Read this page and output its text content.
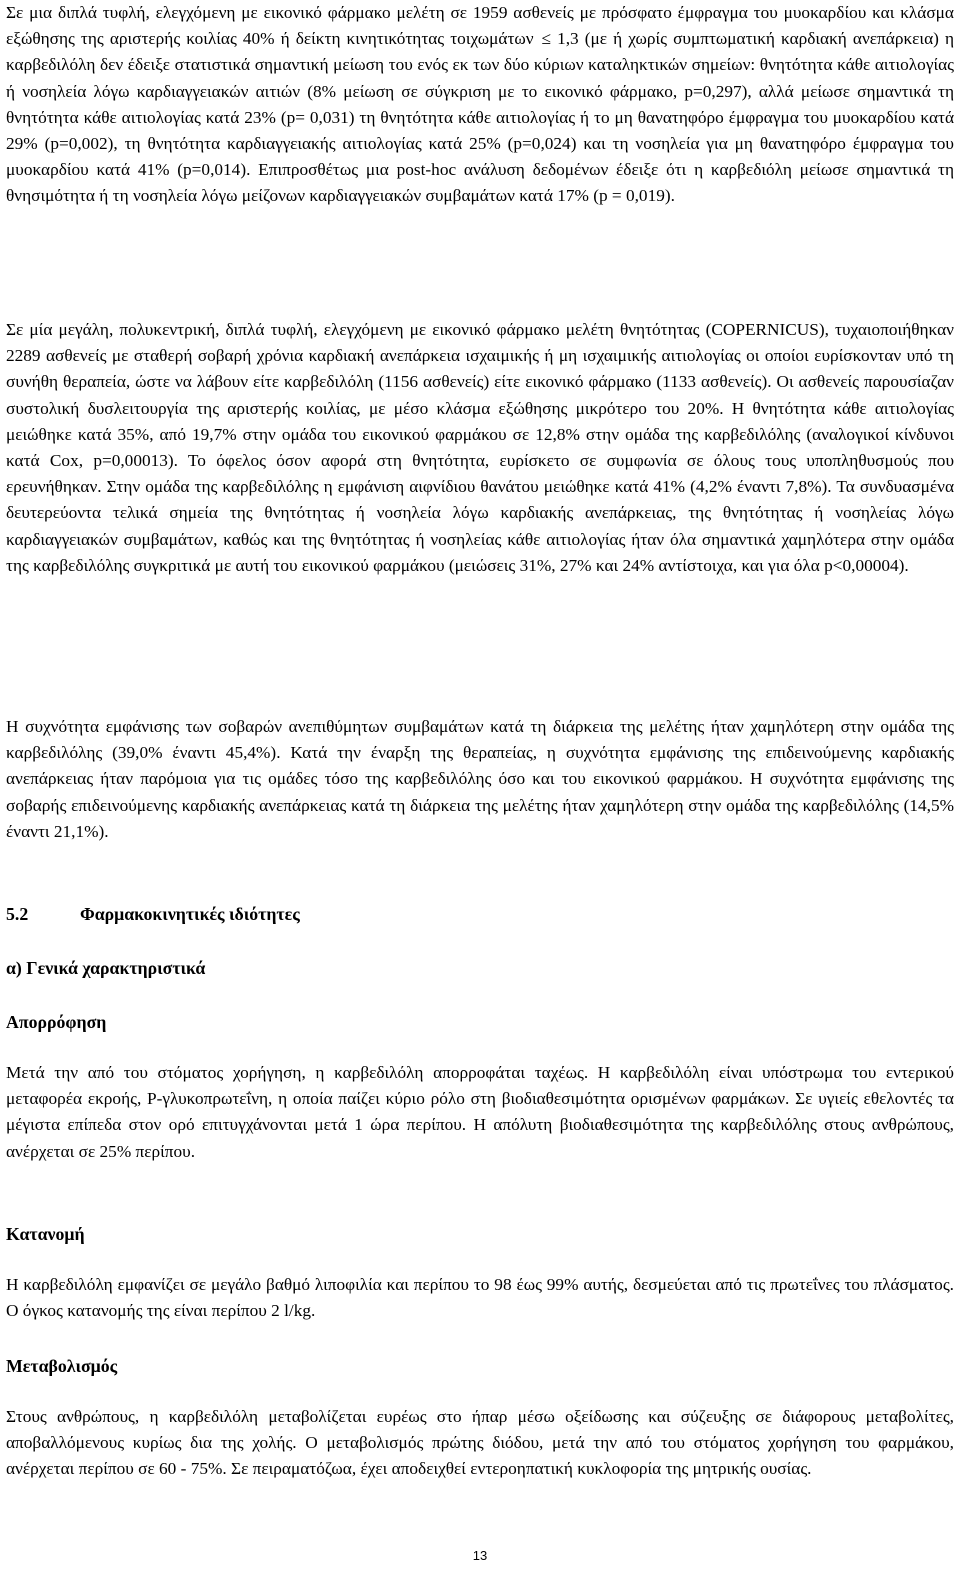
Σε μια διπλά τυφλή, ελεγχόμενη με εικονικό φάρμακο μελέτη σε 1959 ασθενείς με πρόσφατο έμφραγμα του μυοκαρδίου και κλάσμα εξώθησης της αριστερής κοιλίας 40% ή δείκτη κινητικότητας τοιχωμάτων ≤ 1,3 (με ή χωρίς συμπτωματική καρδιακή ανεπάρκεια) η καρβεδιλόλη δεν έδειξε στατιστικά σημαντική μείωση του ενός εκ των δύο κύριων καταληκτικών σημείων: θνητότητα κάθε αιτιολογίας ή νοσηλεία λόγω καρδιαγγειακών αιτιών (8% μείωση σε σύγκριση με το εικονικό φάρμακο, p=0,297), αλλά μείωσε σημαντικά τη θνητότητα κάθε αιτιολογίας κατά 23% (p= 0,031) τη θνητότητα κάθε αιτιολογίας ή το μη θανατηφόρο έμφραγμα του μυοκαρδίου κατά 29% (p=0,002), τη θνητότητα καρδιαγγειακής αιτιολογίας κατά 25% (p=0,024) και τη νοσηλεία για μη θανατηφόρο έμφραγμα του μυοκαρδίου κατά 41% (p=0,014). Επιπροσθέτως μια post-hoc ανάλυση δεδομένων έδειξε ότι η καρβεδιόλη μείωσε σημαντικά τη θνησιμότητα ή τη νοσηλεία λόγω μείζονων καρδιαγγειακών συμβαμάτων κατά 17% (p = 0,019).

Σε μία μεγάλη, πολυκεντρική, διπλά τυφλή, ελεγχόμενη με εικονικό φάρμακο μελέτη θνητότητας (COPERNICUS), τυχαιοποιήθηκαν 2289 ασθενείς με σταθερή σοβαρή χρόνια καρδιακή ανεπάρκεια ισχαιμικής ή μη ισχαιμικής αιτιολογίας οι οποίοι ευρίσκονταν υπό τη συνήθη θεραπεία, ώστε να λάβουν είτε καρβεδιλόλη (1156 ασθενείς) είτε εικονικό φάρμακο (1133 ασθενείς). Οι ασθενείς παρουσίαζαν συστολική δυσλειτουργία της αριστερής κοιλίας, με μέσο κλάσμα εξώθησης μικρότερο του 20%. Η θνητότητα κάθε αιτιολογίας μειώθηκε κατά 35%, από 19,7% στην ομάδα του εικονικού φαρμάκου σε 12,8% στην ομάδα της καρβεδιλόλης (αναλογικοί κίνδυνοι κατά Cox, p=0,00013). Το όφελος όσον αφορά στη θνητότητα, ευρίσκετο σε συμφωνία σε όλους τους υποπληθυσμούς που ερευνήθηκαν. Στην ομάδα της καρβεδιλόλης η εμφάνιση αιφνίδιου θανάτου μειώθηκε κατά 41% (4,2% έναντι 7,8%). Τα συνδυασμένα δευτερεύοντα τελικά σημεία της θνητότητας ή νοσηλεία λόγω καρδιακής ανεπάρκειας, της θνητότητας ή νοσηλείας λόγω καρδιαγγειακών συμβαμάτων, καθώς και της θνητότητας ή νοσηλείας κάθε αιτιολογίας ήταν όλα σημαντικά χαμηλότερα στην ομάδα της καρβεδιλόλης συγκριτικά με αυτή του εικονικού φαρμάκου (μειώσεις 31%, 27% και 24% αντίστοιχα, και για όλα p<0,00004).

Η συχνότητα εμφάνισης των σοβαρών ανεπιθύμητων συμβαμάτων κατά τη διάρκεια της μελέτης ήταν χαμηλότερη στην ομάδα της καρβεδιλόλης (39,0% έναντι 45,4%). Κατά την έναρξη της θεραπείας, η συχνότητα εμφάνισης της επιδεινούμενης καρδιακής ανεπάρκειας ήταν παρόμοια για τις ομάδες τόσο της καρβεδιλόλης όσο και του εικονικού φαρμάκου. Η συχνότητα εμφάνισης της σοβαρής επιδεινούμενης καρδιακής ανεπάρκειας κατά τη διάρκεια της μελέτης ήταν χαμηλότερη στην ομάδα της καρβεδιλόλης (14,5% έναντι 21,1%).

5.2	Φαρμακοκινητικές ιδιότητες
α) Γενικά χαρακτηριστικά
Απορρόφηση

Μετά την από του στόματος χορήγηση, η καρβεδιλόλη απορροφάται ταχέως. Η καρβεδιλόλη είναι υπόστρωμα του εντερικού μεταφορέα εκροής, P-γλυκοπρωτεΐνη, η οποία παίζει κύριο ρόλο στη βιοδιαθεσιμότητα ορισμένων φαρμάκων. Σε υγιείς εθελοντές τα μέγιστα επίπεδα στον ορό επιτυγχάνονται μετά 1 ώρα περίπου. Η απόλυτη βιοδιαθεσιμότητα της καρβεδιλόλης στους ανθρώπους, ανέρχεται σε 25% περίπου.

Κατανομή

Η καρβεδιλόλη εμφανίζει σε μεγάλο βαθμό λιποφιλία και περίπου το 98 έως 99% αυτής, δεσμεύεται από τις πρωτεΐνες του πλάσματος. Ο όγκος κατανομής της είναι περίπου 2 l/kg.

Μεταβολισμός

Στους ανθρώπους, η καρβεδιλόλη μεταβολίζεται ευρέως στο ήπαρ μέσω οξείδωσης και σύζευξης σε διάφορους μεταβολίτες, αποβαλλόμενους κυρίως δια της χολής. Ο μεταβολισμός πρώτης διόδου, μετά την από του στόματος χορήγηση του φαρμάκου, ανέρχεται περίπου σε 60 - 75%. Σε πειραματόζωα, έχει αποδειχθεί εντεροηπατική κυκλοφορία της μητρικής ουσίας.

13
